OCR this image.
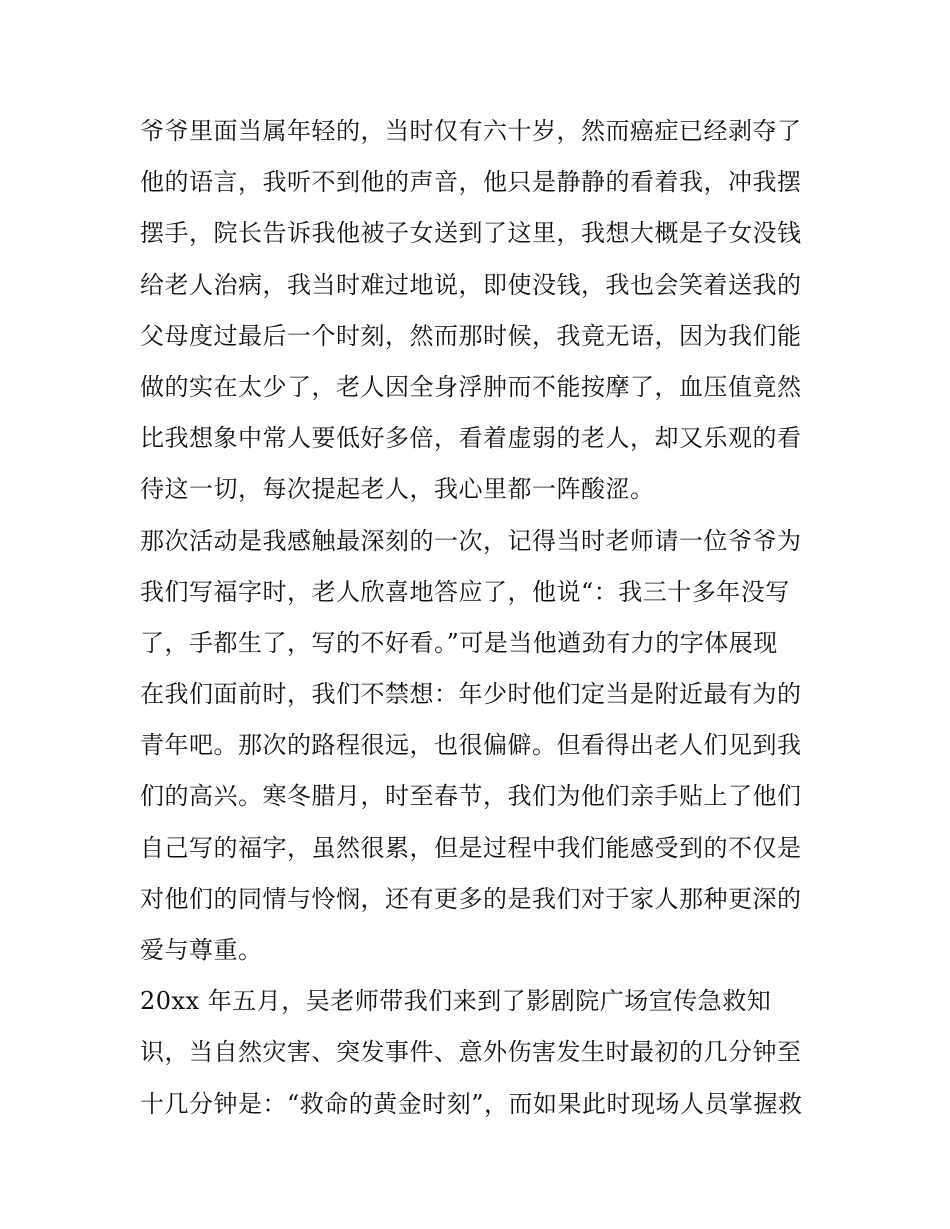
爷爷里面当属年轻的，当时仅有六十岁，然而癌症已经剥夺了
他的语言，我听不到他的声音，他只是静静的看着我，冲我摆
摆手，院长告诉我他被子女送到了这里，我想大概是子女没钱
给老人治病，我当时难过地说，即使没钱，我也会笑着送我的
父母度过最后一个时刻，然而那时候，我竟无语，因为我们能
做的实在太少了，老人因全身浮肿而不能按摩了，血压值竟然
比我想象中常人要低好多倍，看着虚弱的老人，却又乐观的看
待这一切，每次提起老人，我心里都一阵酸涩。
那次活动是我感触最深刻的一次，记得当时老师请一位爷爷为
我们写福字时，老人欣喜地答应了，他说“：我三十多年没写
了，手都生了，写的不好看。”可是当他遒劲有力的字体展现
在我们面前时，我们不禁想：年少时他们定当是附近最有为的
青年吧。那次的路程很远，也很偏僻。但看得出老人们见到我
们的高兴。寒冬腊月，时至春节，我们为他们亲手贴上了他们
自己写的福字，虽然很累，但是过程中我们能感受到的不仅是
对他们的同情与怜悯，还有更多的是我们对于家人那种更深的
爱与尊重。
20xx 年五月，吴老师带我们来到了影剧院广场宣传急救知
识，当自然灾害、突发事件、意外伤害发生时最初的几分钟至
十几分钟是：“救命的黄金时刻”，而如果此时现场人员掌握救
